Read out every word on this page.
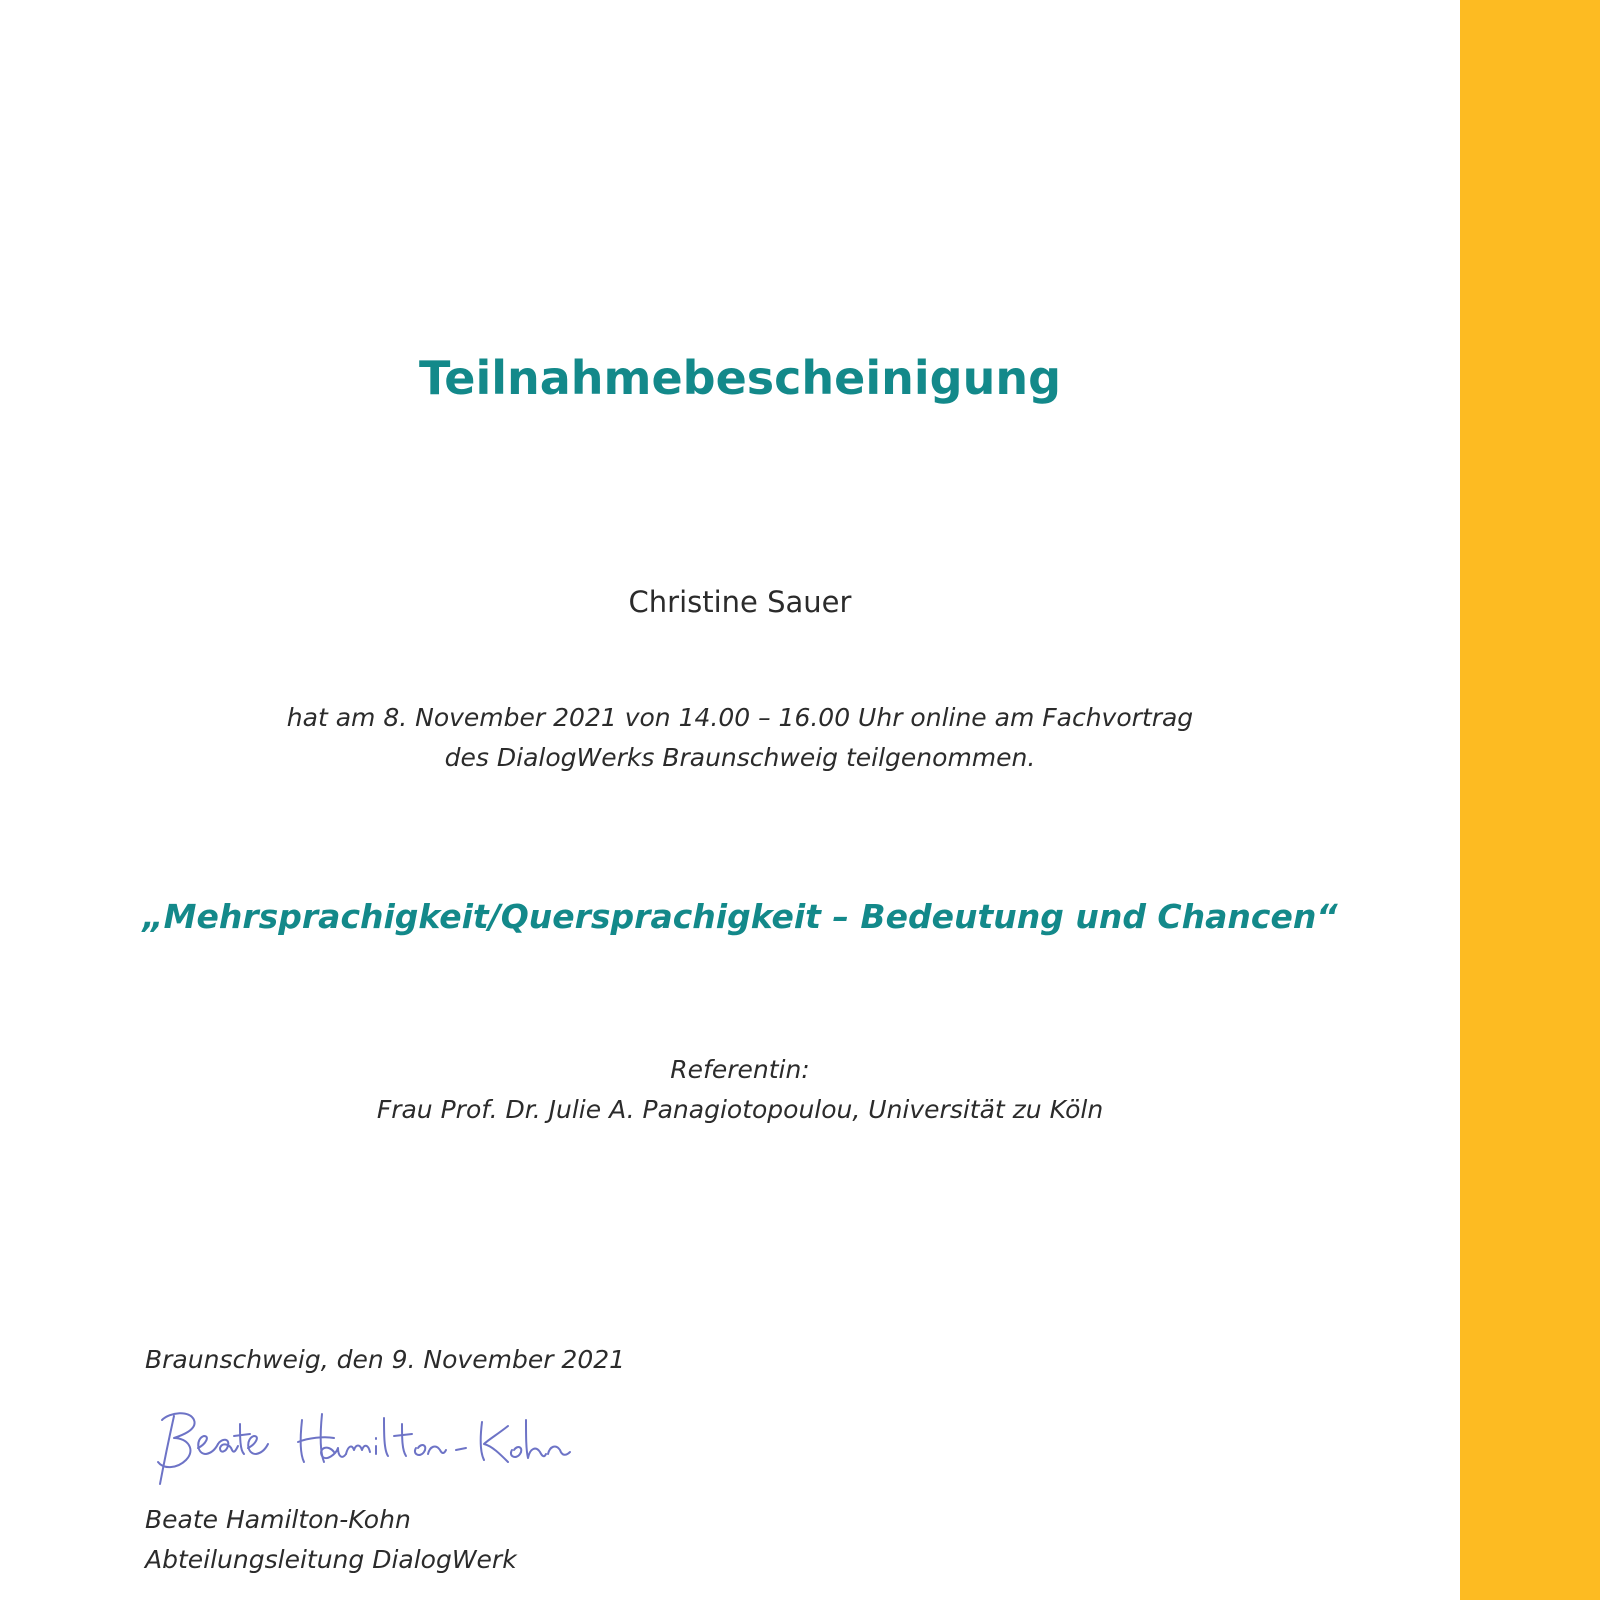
Teilnahmebescheinigung
Christine Sauer
hat am 8. November 2021 von 14.00 – 16.00 Uhr online am Fachvortrag
des DialogWerks Braunschweig teilgenommen.
„Mehrsprachigkeit/Quersprachigkeit – Bedeutung und Chancen“
Referentin:
Frau Prof. Dr. Julie A. Panagiotopoulou, Universität zu Köln
Braunschweig, den 9. November 2021
Beate Hamilton-Kohn
Abteilungsleitung DialogWerk
